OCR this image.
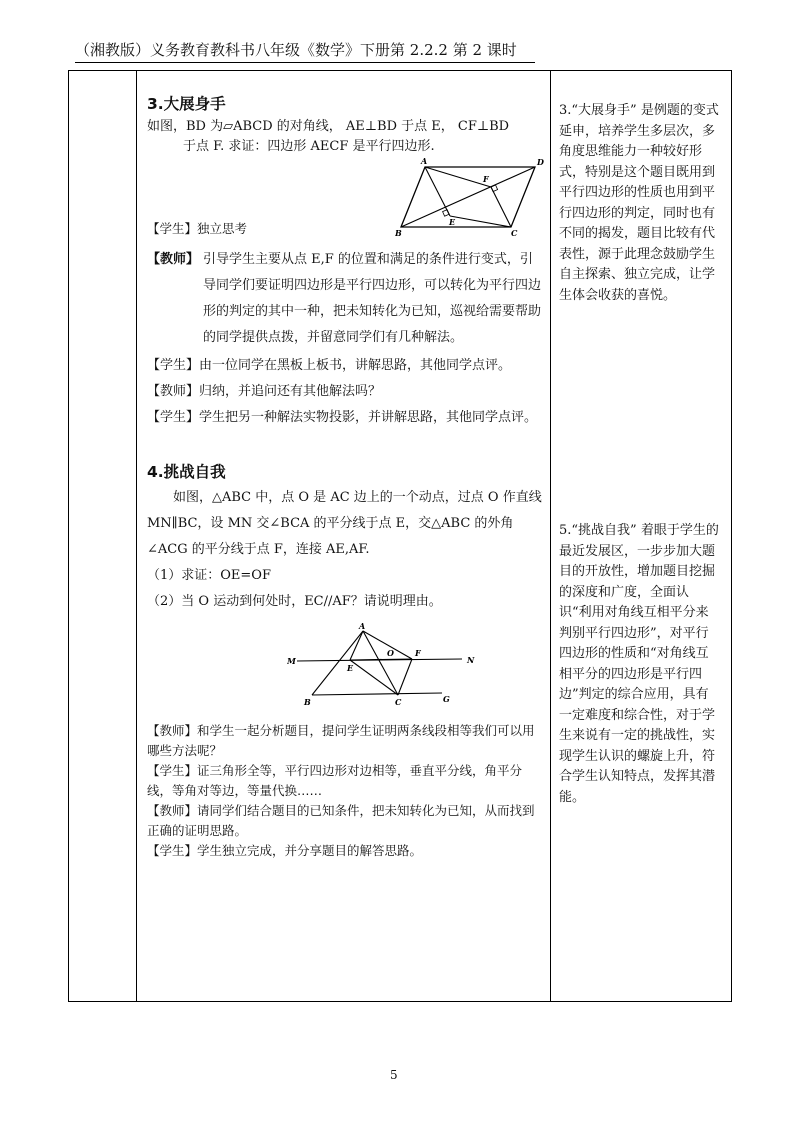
（湘教版）义务教育教科书八年级《数学》下册第 2.2.2 第 2 课时
3.大展身手

如图，BD 为▱ABCD 的对角线， AE⊥BD 于点 E， CF⊥BD

于点 F. 求证：四边形 AECF 是平行四边形.

A	D
B	C
E
F
【学生】独立思考
【教师】 引导学生主要从点 E,F 的位置和满足的条件进行变式，引导同学们要证明四边形是平行四边形，可以转化为平行四边形的判定的其中一种，把未知转化为已知，巡视给需要帮助的同学提供点拨，并留意同学们有几种解法。

【学生】由一位同学在黑板上板书，讲解思路，其他同学点评。

【教师】归纳，并追问还有其他解法吗？

【学生】学生把另一种解法实物投影，并讲解思路，其他同学点评。

4.挑战自我

如图，△ABC 中，点 O 是 AC 边上的一个动点，过点 O 作直线 MN∥BC，设 MN 交∠BCA 的平分线于点 E，交△ABC 的外角∠ACG 的平分线于点 F，连接 AE,AF.

（1）求证：OE=OF

（2）当 O 运动到何处时，EC//AF？请说明理由。

A
M	N
E
O	F
B	C	G

【教师】和学生一起分析题目，提问学生证明两条线段相等我们可以用哪些方法呢？

【学生】证三角形全等，平行四边形对边相等，垂直平分线，角平分线，等角对等边，等量代换……

【教师】请同学们结合题目的已知条件，把未知转化为已知，从而找到正确的证明思路。

【学生】学生独立完成，并分享题目的解答思路。

3.“大展身手” 是例题的变式延申，培养学生多层次，多角度思维能力一种较好形式，特别是这个题目既用到平行四边形的性质也用到平行四边形的判定，同时也有不同的揭发，题目比较有代表性，源于此理念鼓励学生自主探索、独立完成，让学生体会收获的喜悦。
5.“挑战自我” 着眼于学生的最近发展区，一步步加大题目的开放性，增加题目挖掘的深度和广度，全面认识“利用对角线互相平分来判别平行四边形”，对平行四边形的性质和“对角线互相平分的四边形是平行四边”判定的综合应用，具有一定难度和综合性，对于学生来说有一定的挑战性，实现学生认识的螺旋上升，符合学生认知特点，发挥其潜能。
5
